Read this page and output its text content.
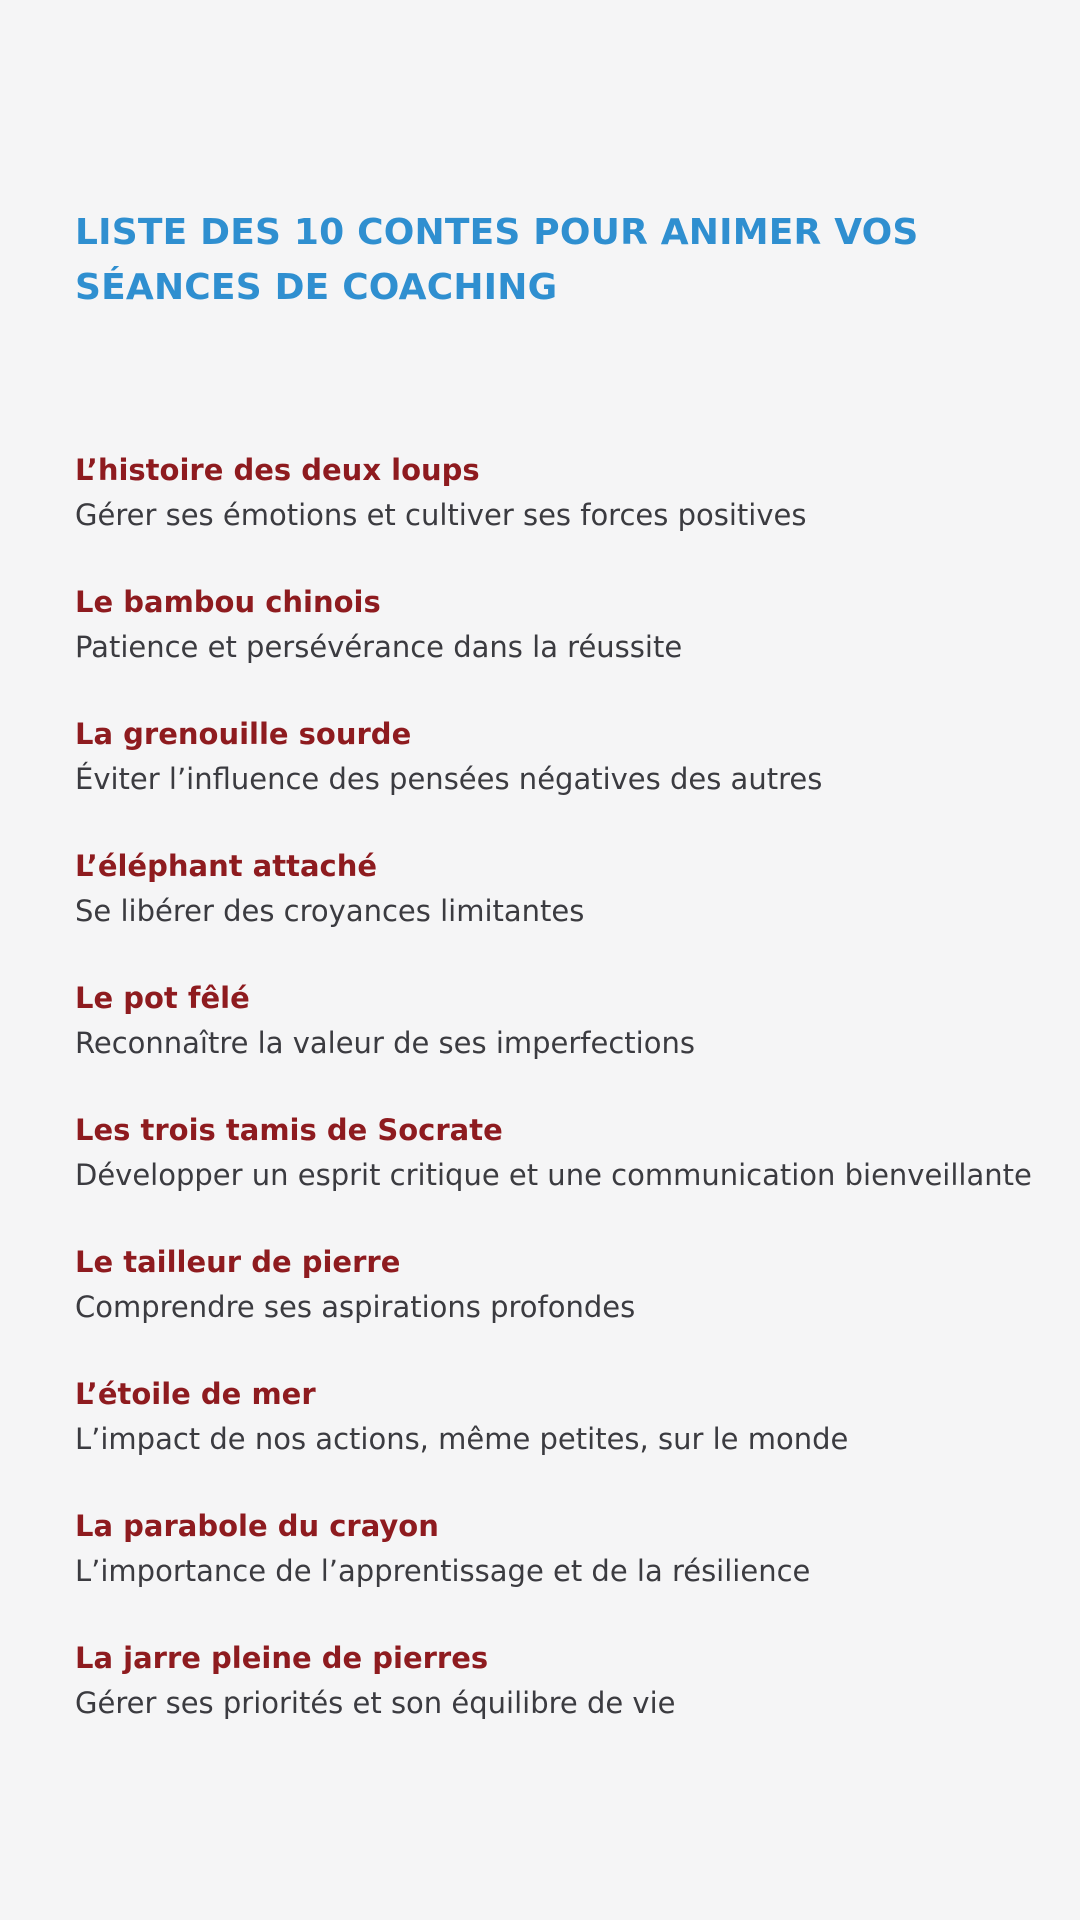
LISTE DES 10 CONTES POUR ANIMER VOS SÉANCES DE COACHING
L’histoire des deux loups
Gérer ses émotions et cultiver ses forces positives
Le bambou chinois
Patience et persévérance dans la réussite
La grenouille sourde
Éviter l’influence des pensées négatives des autres
L’éléphant attaché
Se libérer des croyances limitantes
Le pot fêlé
Reconnaître la valeur de ses imperfections
Les trois tamis de Socrate
Développer un esprit critique et une communication bienveillante
Le tailleur de pierre
Comprendre ses aspirations profondes
L’étoile de mer
L’impact de nos actions, même petites, sur le monde
La parabole du crayon
L’importance de l’apprentissage et de la résilience
La jarre pleine de pierres
Gérer ses priorités et son équilibre de vie
